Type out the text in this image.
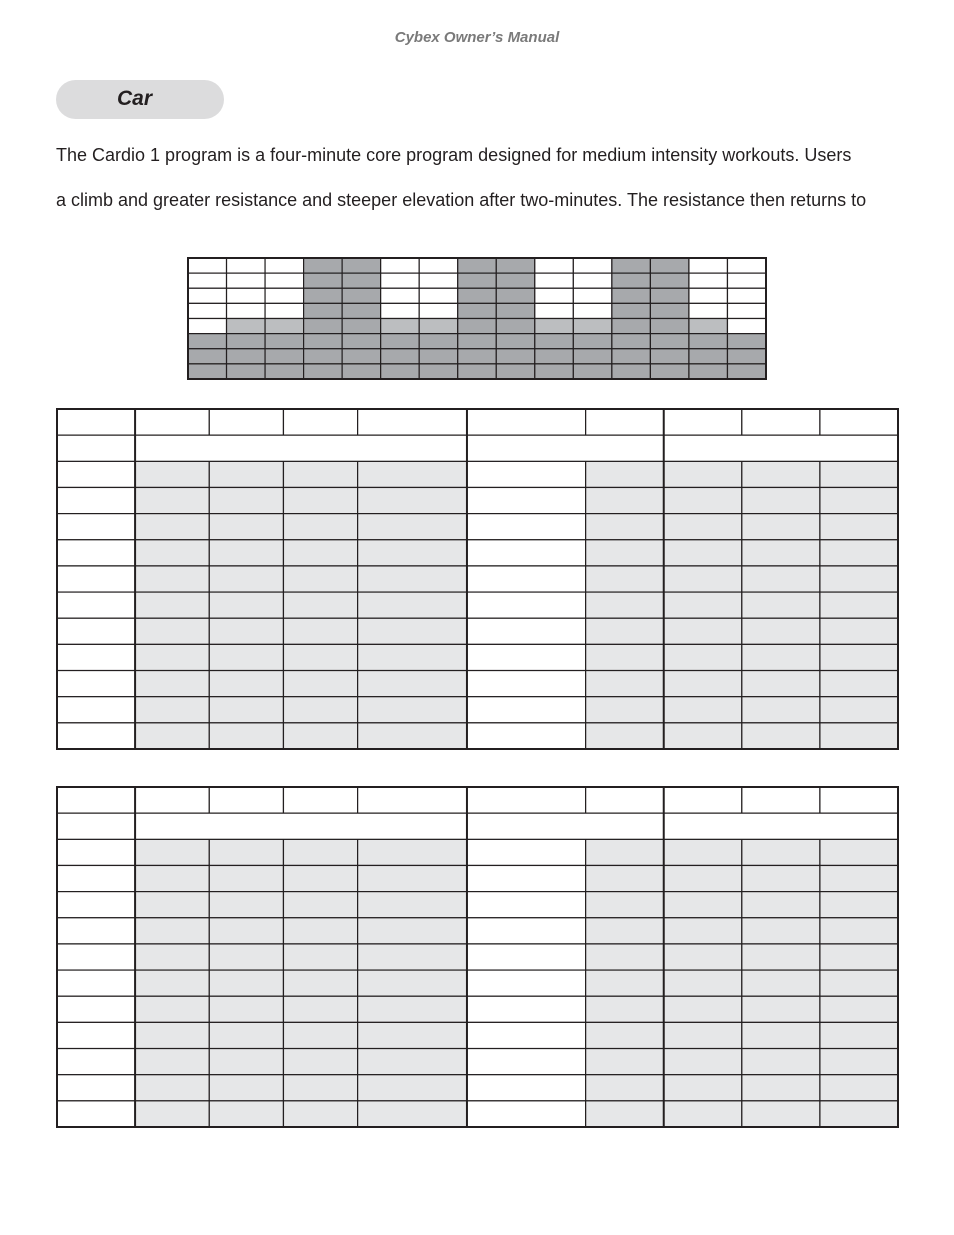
Cybex Owner’s Manual
Car
The Cardio 1 program is a four-minute core program designed for medium intensity workouts. Users
a climb and greater resistance and steeper elevation after two-minutes. The resistance then returns to
